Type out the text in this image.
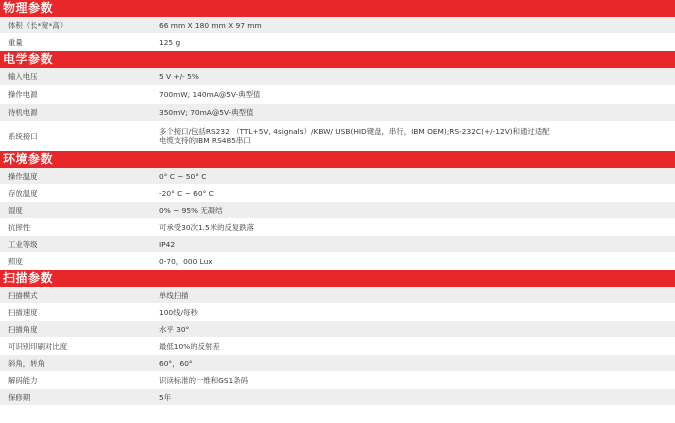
物理参数
体积（长*宽*高）	66 mm X 180 mm X 97 mm
重量	125 g
电学参数
输入电压	5 V +/- 5%
操作电源	700mW; 140mA@5V-典型值
待机电源	350mV; 70mA@5V-典型值
系统接口	多个接口/包括RS232 （TTL+5V, 4signals）/KBW/ USB(HID键盘，串行，IBM OEM);RS-232C(+/-12V)和通过适配
电缆支持的IBM RS485串口
环境参数
操作温度	0° C ~ 50° C
存放温度	-20° C ~ 60° C
湿度	0% ~ 95% 无凝结
抗摔性	可承受30次1.5米的反复跌落
工业等级	IP42
照度	0-70，000 Lux
扫描参数
扫描模式	单线扫描
扫描速度	100线/每秒
扫描角度	水平 30°
可识别印刷对比度	最低10%的反射差
斜角，转角	60°，60°
解码能力	识读标准的一维和GS1条码
保修期	5年
